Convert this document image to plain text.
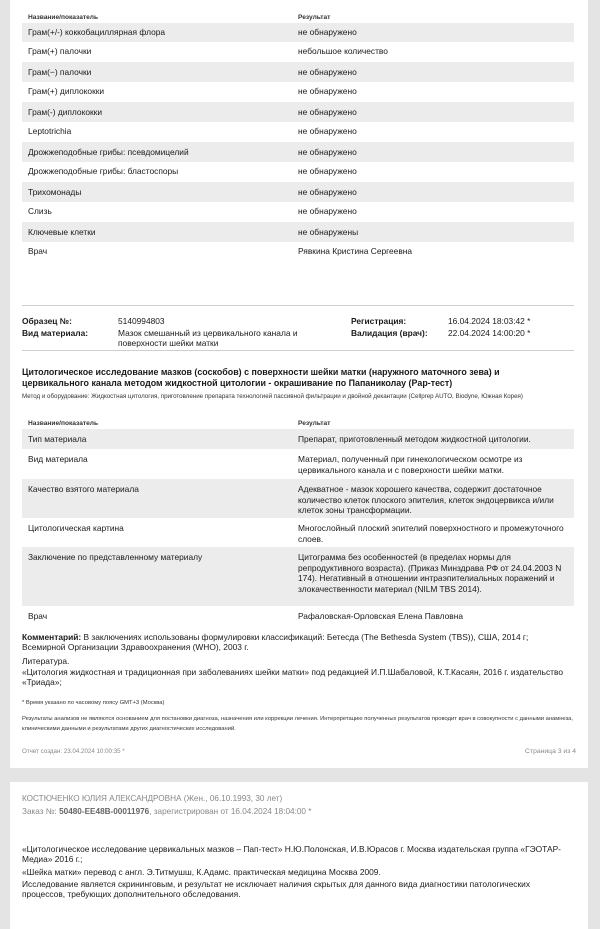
Название/показатель	Результат
Грам(+/-) коккобациллярная флора	не обнаружено
Грам(+) палочки	небольшое количество
Грам(−) палочки	не обнаружено
Грам(+) диплококки	не обнаружено
Грам(-) диплококки	не обнаружено
Leptotrichia	не обнаружено
Дрожжеподобные грибы: псевдомицелий	не обнаружено
Дрожжеподобные грибы: бластоспоры	не обнаружено
Трихомонады	не обнаружено
Слизь	не обнаружено
Ключевые клетки	не обнаружены
Врач	Рявкина Кристина Сергеевна
Образец №:	5140994803
Вид материала:	Мазок смешанный из цервикального канала и поверхности шейки матки
Регистрация:	16.04.2024 18:03:42 *
Валидация (врач): 22.04.2024 14:00:20 *
Цитологическое исследование мазков (соскобов) с поверхности шейки матки (наружного маточного зева) и цервикального канала методом жидкостной цитологии - окрашивание по Папаниколау (Pap-тест)
Метод и оборудование: Жидкостная цитология, приготовление препарата технологией пассивной фильтрации и двойной декантации (Cellprep AUTO, Biodyne, Южная Корея)
Название/показатель	Результат
Тип материала	Препарат, приготовленный методом жидкостной цитологии.
Вид материала	Материал, полученный при гинекологическом осмотре из цервикального канала и с поверхности шейки матки.
Качество взятого материала	Адекватное - мазок хорошего качества, содержит достаточное количество клеток плоского эпителия, клеток эндоцервикса и/или клеток зоны трансформации.
Цитологическая картина	Многослойный плоский эпителий поверхностного и промежуточного слоев.
Заключение по представленному материалу	Цитограмма без особенностей (в пределах нормы для репродуктивного возраста). (Приказ Минздрава РФ от 24.04.2003 N 174). Негативный в отношении интраэпителиальных поражений и злокачественности материал (NILM TBS 2014).
Врач	Рафаловская-Орловская Елена Павловна
Комментарий: В заключениях использованы формулировки классификаций: Бетесда (The Bethesda System (TBS)), США, 2014 г; Всемирной Организации Здравоохранения (WHO), 2003 г.
Литература.
«Цитология жидкостная и традиционная при заболеваниях шейки матки» под редакцией И.П.Шабаловой, К.Т.Касаян, 2016 г. издательство «Триада»;
* Время указано по часовому поясу GMT+3 (Москва)
Результаты анализов не являются основанием для постановки диагноза, назначения или коррекции лечения. Интерпретацию полученных результатов проводит врач в совокупности с данными анамнеза, клиническими данными и результатами других диагностических исследований.
Отчет создан: 23.04.2024 10:00:35 *	Страница 3 из 4
КОСТЮЧЕНКО ЮЛИЯ АЛЕКСАНДРОВНА (Жен., 06.10.1993, 30 лет)
Заказ №: 50480-EE48B-00011976, зарегистрирован от 16.04.2024 18:04:00 *
«Цитологическое исследование цервикальных мазков – Пап-тест» Н.Ю.Полонская, И.В.Юрасов г. Москва издательская группа «ГЭОТАР-Медиа» 2016 г.;
«Шейка матки» перевод с англ. Э.Титмушш, К.Адамс. практическая медицина Москва 2009.
Исследование является скрининговым, и результат не исключает наличия скрытых для данного вида диагностики патологических процессов, требующих дополнительного обследования.
